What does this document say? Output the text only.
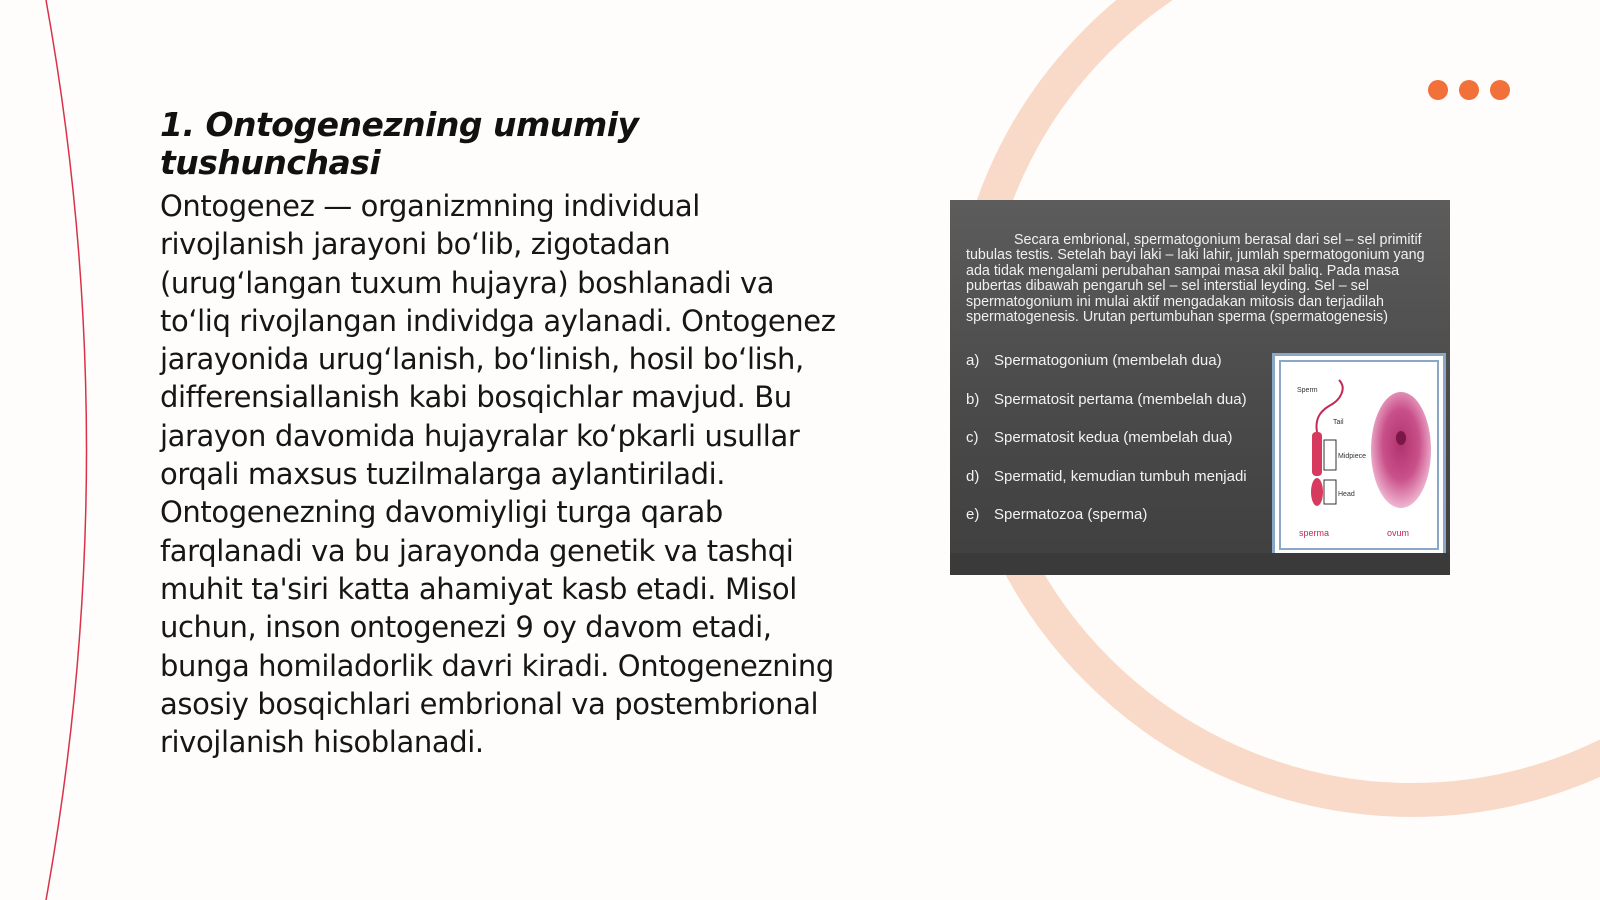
1. Ontogenezning umumiy tushunchasi

Ontogenez — organizmning individual rivojlanish jarayoni bo‘lib, zigotadan (urug‘langan tuxum hujayra) boshlanadi va to‘liq rivojlangan individga aylanadi. Ontogenez jarayonida urug‘lanish, bo‘linish, hosil bo‘lish, differensiallanish kabi bosqichlar mavjud. Bu jarayon davomida hujayralar ko‘pkarli usullar orqali maxsus tuzilmalarga aylantiriladi. Ontogenezning davomiyligi turga qarab farqlanadi va bu jarayonda genetik va tashqi muhit ta'siri katta ahamiyat kasb etadi. Misol uchun, inson ontogenezi 9 oy davom etadi, bunga homiladorlik davri kiradi. Ontogenezning asosiy bosqichlari embrional va postembrional rivojlanish hisoblanadi.

Secara embrional, spermatogonium berasal dari sel – sel primitif tubulas testis. Setelah bayi laki – laki lahir, jumlah spermatogonium yang ada tidak mengalami perubahan sampai masa akil baliq. Pada masa pubertas dibawah pengaruh sel – sel interstial leyding. Sel – sel spermatogonium ini mulai aktif mengadakan mitosis dan terjadilah spermatogenesis. Urutan pertumbuhan sperma (spermatogenesis)

a) Spermatogonium (membelah dua)
b) Spermatosit pertama (membelah dua)
c)	Spermatosit kedua (membelah dua)
d) Spermatid, kemudian tumbuh menjadi
e) Spermatozoa (sperma)
Sperm
Tail
Midpiece
Head
sperma	ovum
